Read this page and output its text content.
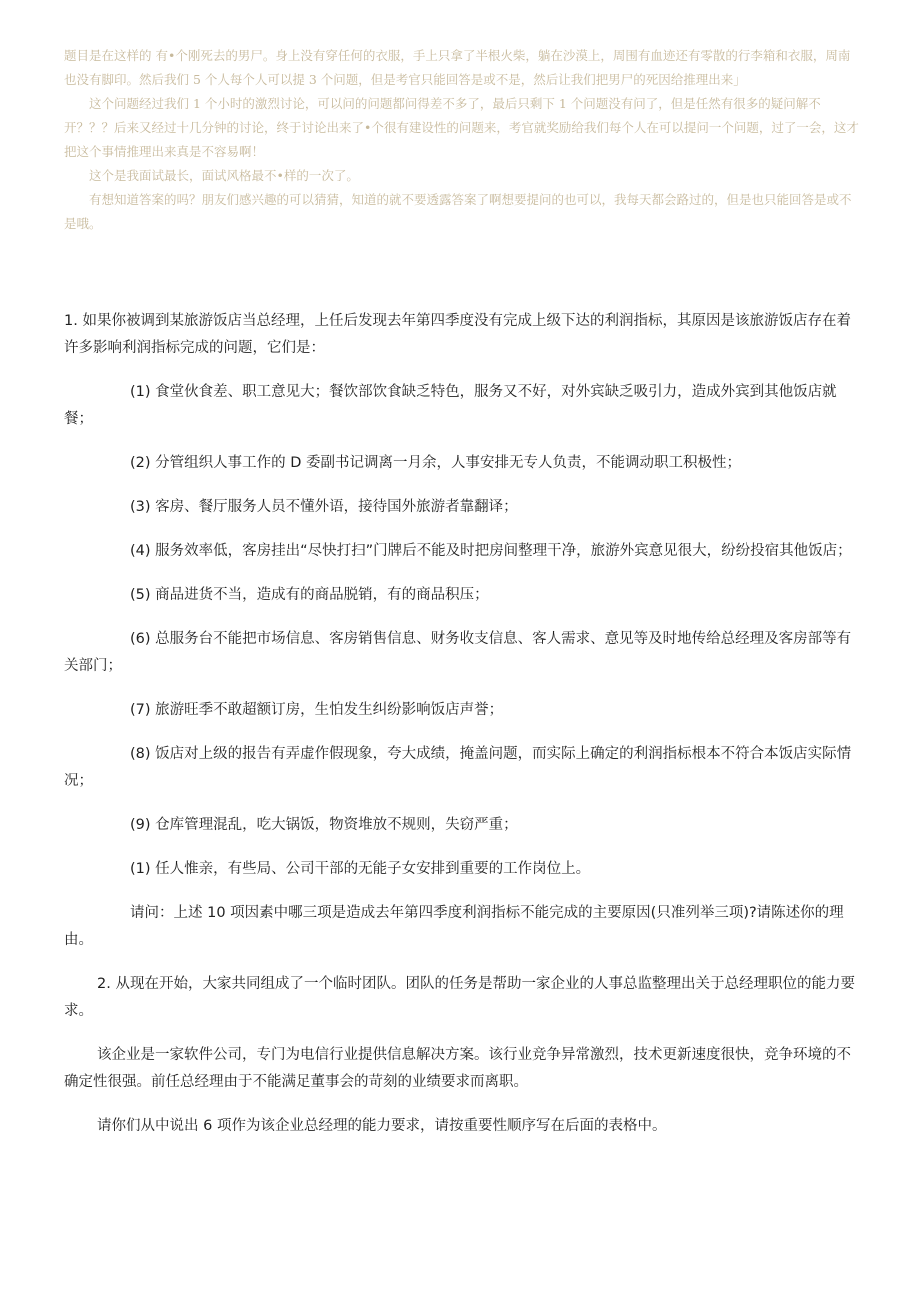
题目是在这样的 有•个刚死去的男尸。身上没有穿任何的衣服，手上只拿了半根火柴，躺在沙漠上，周围有血迹还有零散的行李箱和衣服，周南也没有脚印。然后我们 5 个人每个人可以提 3 个问题，但是考官只能回答是或不是，然后让我们把男尸的死因给推理出来」

这个问题经过我们 1 个小时的激烈讨论，可以问的问题都问得差不多了，最后只剩下 1 个问题没有问了，但是任然有很多的疑问解不开？？？后来又经过十几分钟的讨论，终于讨论出来了•个很有建设性的问题来，考官就奖励给我们每个人在可以提问一个问题，过了一会，这才把这个事情推理出来真是不容易啊！

这个是我面试最长，面试风格最不•样的一次了。

有想知道答案的吗？朋友们感兴趣的可以猜猜，知道的就不要透露答案了啊想要提问的也可以，我每天都会路过的，但是也只能回答是或不是哦。

1. 如果你被调到某旅游饭店当总经理，上任后发现去年第四季度没有完成上级下达的利润指标，其原因是该旅游饭店存在着许多影响利润指标完成的问题，它们是：

(1) 食堂伙食差、职工意见大；餐饮部饮食缺乏特色，服务又不好，对外宾缺乏吸引力，造成外宾到其他饭店就餐；

(2) 分管组织人事工作的 D 委副书记调离一月余，人事安排无专人负责，不能调动职工积极性；

(3) 客房、餐厅服务人员不懂外语，接待国外旅游者靠翻译；

(4) 服务效率低，客房挂出“尽快打扫”门牌后不能及时把房间整理干净，旅游外宾意见很大，纷纷投宿其他饭店；

(5) 商品进货不当，造成有的商品脱销，有的商品积压；

(6) 总服务台不能把市场信息、客房销售信息、财务收支信息、客人需求、意见等及时地传给总经理及客房部等有关部门；

(7) 旅游旺季不敢超额订房，生怕发生纠纷影响饭店声誉；

(8) 饭店对上级的报告有弄虚作假现象，夸大成绩，掩盖问题，而实际上确定的利润指标根本不符合本饭店实际情况；

(9) 仓库管理混乱，吃大锅饭，物资堆放不规则，失窃严重；

(1) 任人惟亲，有些局、公司干部的无能子女安排到重要的工作岗位上。

请问：上述 10 项因素中哪三项是造成去年第四季度利润指标不能完成的主要原因(只准列举三项)?请陈述你的理由。

2. 从现在开始，大家共同组成了一个临时团队。团队的任务是帮助一家企业的人事总监整理出关于总经理职位的能力要求。

该企业是一家软件公司，专门为电信行业提供信息解决方案。该行业竞争异常激烈，技术更新速度很快，竞争环境的不确定性很强。前任总经理由于不能满足董事会的苛刻的业绩要求而离职。

请你们从中说出 6 项作为该企业总经理的能力要求，请按重要性顺序写在后面的表格中。
